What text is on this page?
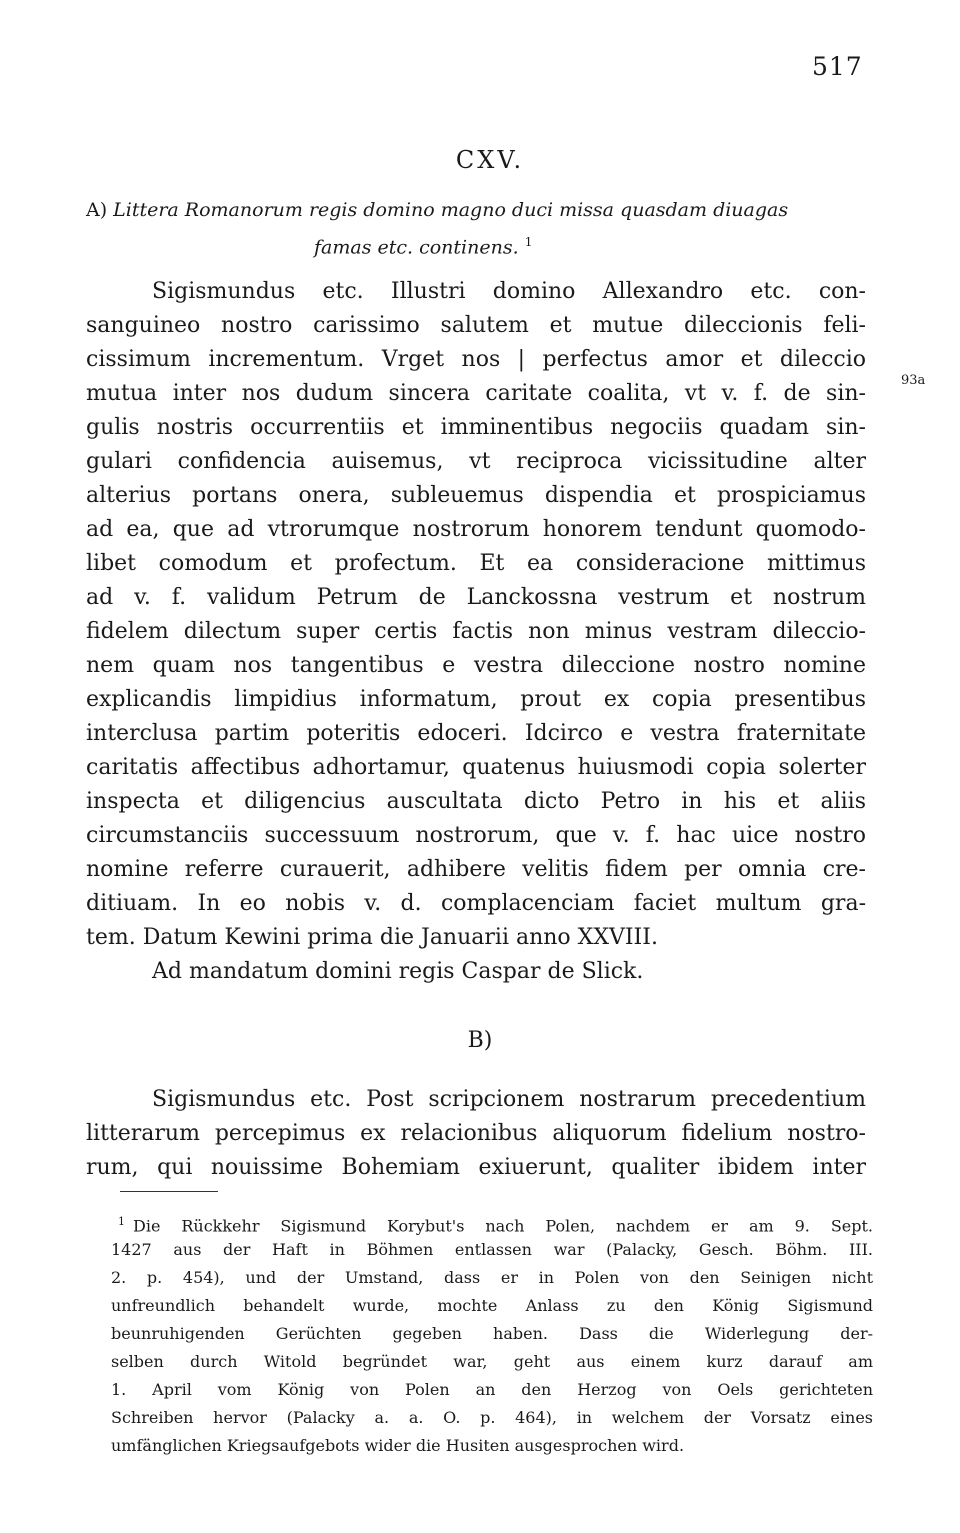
517
CXV.
A) Littera Romanorum regis domino magno duci missa quasdam diuagas
famas etc. continens. $^1$
93a
Sigismundus etc. Illustri domino Allexandro etc. con-
sanguineo nostro carissimo salutem et mutue dileccionis feli-
cissimum incrementum. Vrget nos | perfectus amor et dileccio
mutua inter nos dudum sincera caritate coalita, vt v. f. de sin-
gulis nostris occurrentiis et imminentibus negociis quadam sin-
gulari confidencia auisemus, vt reciproca vicissitudine alter
alterius portans onera, subleuemus dispendia et prospiciamus
ad ea, que ad vtrorumque nostrorum honorem tendunt quomodo-
libet comodum et profectum. Et ea consideracione mittimus
ad v. f. validum Petrum de Lanckossna vestrum et nostrum
fidelem dilectum super certis factis non minus vestram dileccio-
nem quam nos tangentibus e vestra dileccione nostro nomine
explicandis limpidius informatum, prout ex copia presentibus
interclusa partim poteritis edoceri. Idcirco e vestra fraternitate
caritatis affectibus adhortamur, quatenus huiusmodi copia solerter
inspecta et diligencius auscultata dicto Petro in his et aliis
circumstanciis successuum nostrorum, que v. f. hac uice nostro
nomine referre curauerit, adhibere velitis fidem per omnia cre-
ditiuam. In eo nobis v. d. complacenciam faciet multum gra-
tem. Datum Kewini prima die Januarii anno XXVIII.
Ad mandatum domini regis Caspar de Slick.
B)
Sigismundus etc. Post scripcionem nostrarum precedentium
litterarum percepimus ex relacionibus aliquorum fidelium nostro-
rum, qui nouissime Bohemiam exiuerunt, qualiter ibidem inter
$^1$ Die Rückkehr Sigismund Korybut's nach Polen, nachdem er am 9. Sept.
1427 aus der Haft in Böhmen entlassen war (Palacky, Gesch. Böhm. III.
2. p. 454), und der Umstand, dass er in Polen von den Seinigen nicht
unfreundlich behandelt wurde, mochte Anlass zu den König Sigismund
beunruhigenden Gerüchten gegeben haben. Dass die Widerlegung der-
selben durch Witold begründet war, geht aus einem kurz darauf am
1. April vom König von Polen an den Herzog von Oels gerichteten
Schreiben hervor (Palacky a. a. O. p. 464), in welchem der Vorsatz eines
umfänglichen Kriegsaufgebots wider die Husiten ausgesprochen wird.
